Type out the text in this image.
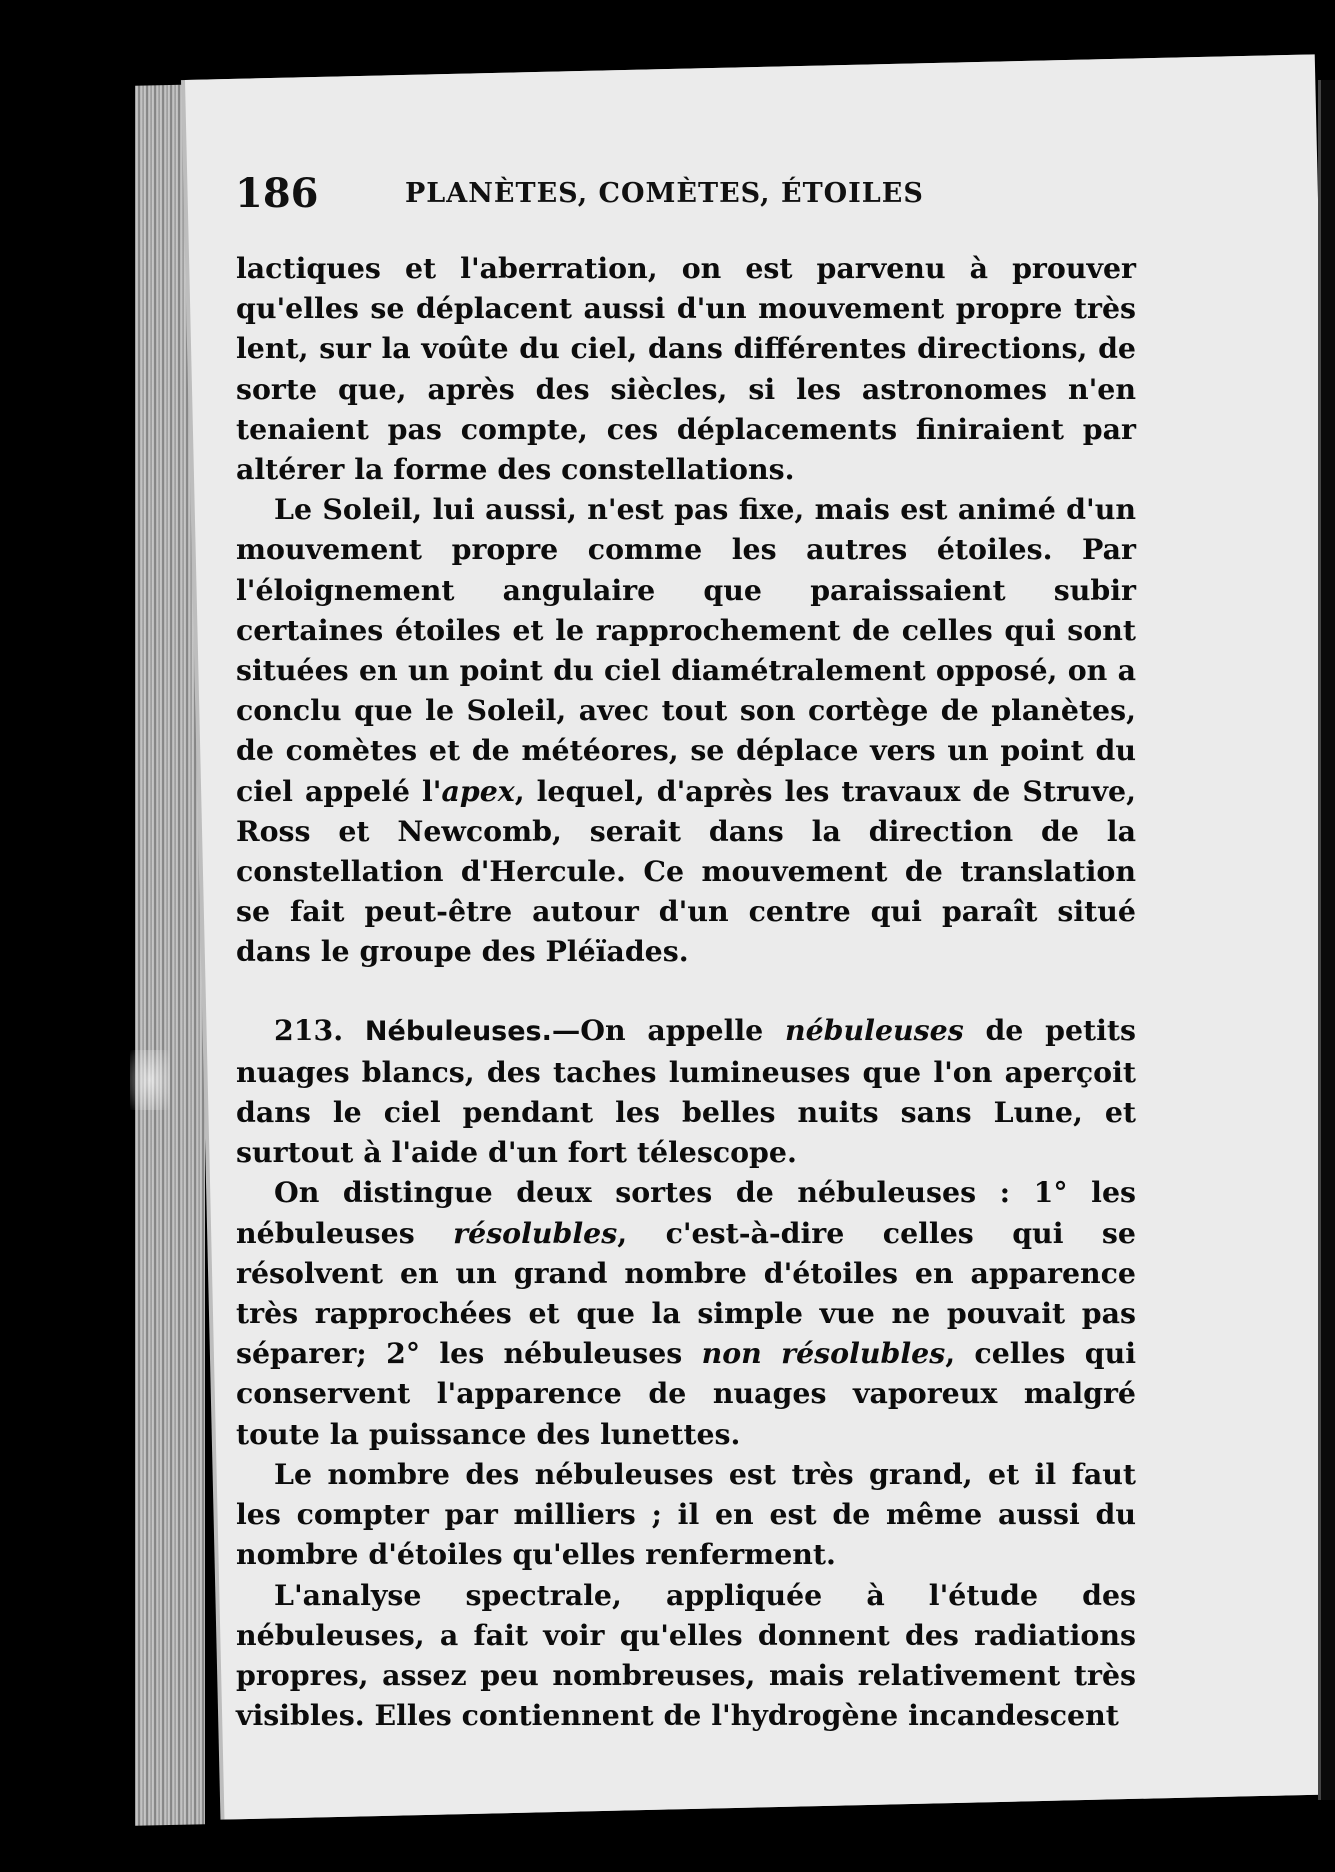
186	PLANÈTES, COMÈTES, ÉTOILES

lactiques et l'aberration, on est parvenu à prouver qu'elles se déplacent aussi d'un mouvement propre très lent, sur la voûte du ciel, dans différentes directions, de sorte que, après des siècles, si les astronomes n'en tenaient pas compte, ces déplacements finiraient par altérer la forme des constellations.

Le Soleil, lui aussi, n'est pas fixe, mais est animé d'un mouvement propre comme les autres étoiles. Par l'éloignement angulaire que paraissaient subir certaines étoiles et le rapprochement de celles qui sont situées en un point du ciel diamétralement opposé, on a conclu que le Soleil, avec tout son cortège de planètes, de comètes et de météores, se déplace vers un point du ciel appelé l'apex, lequel, d'après les travaux de Struve, Ross et Newcomb, serait dans la direction de la constellation d'Hercule. Ce mouvement de translation se fait peut-être autour d'un centre qui paraît situé dans le groupe des Pléïades.

213. Nébuleuses.—On appelle nébuleuses de petits nuages blancs, des taches lumineuses que l'on aperçoit dans le ciel pendant les belles nuits sans Lune, et surtout à l'aide d'un fort télescope.

On distingue deux sortes de nébuleuses : 1° les nébuleuses résolubles, c'est-à-dire celles qui se résolvent en un grand nombre d'étoiles en apparence très rapprochées et que la simple vue ne pouvait pas séparer; 2° les nébuleuses non résolubles, celles qui conservent l'apparence de nuages vaporeux malgré toute la puissance des lunettes.

Le nombre des nébuleuses est très grand, et il faut les compter par milliers ; il en est de même aussi du nombre d'étoiles qu'elles renferment.

L'analyse spectrale, appliquée à l'étude des nébuleuses, a fait voir qu'elles donnent des radiations propres, assez peu nombreuses, mais relativement très visibles. Elles contiennent de l'hydrogène incandescent
